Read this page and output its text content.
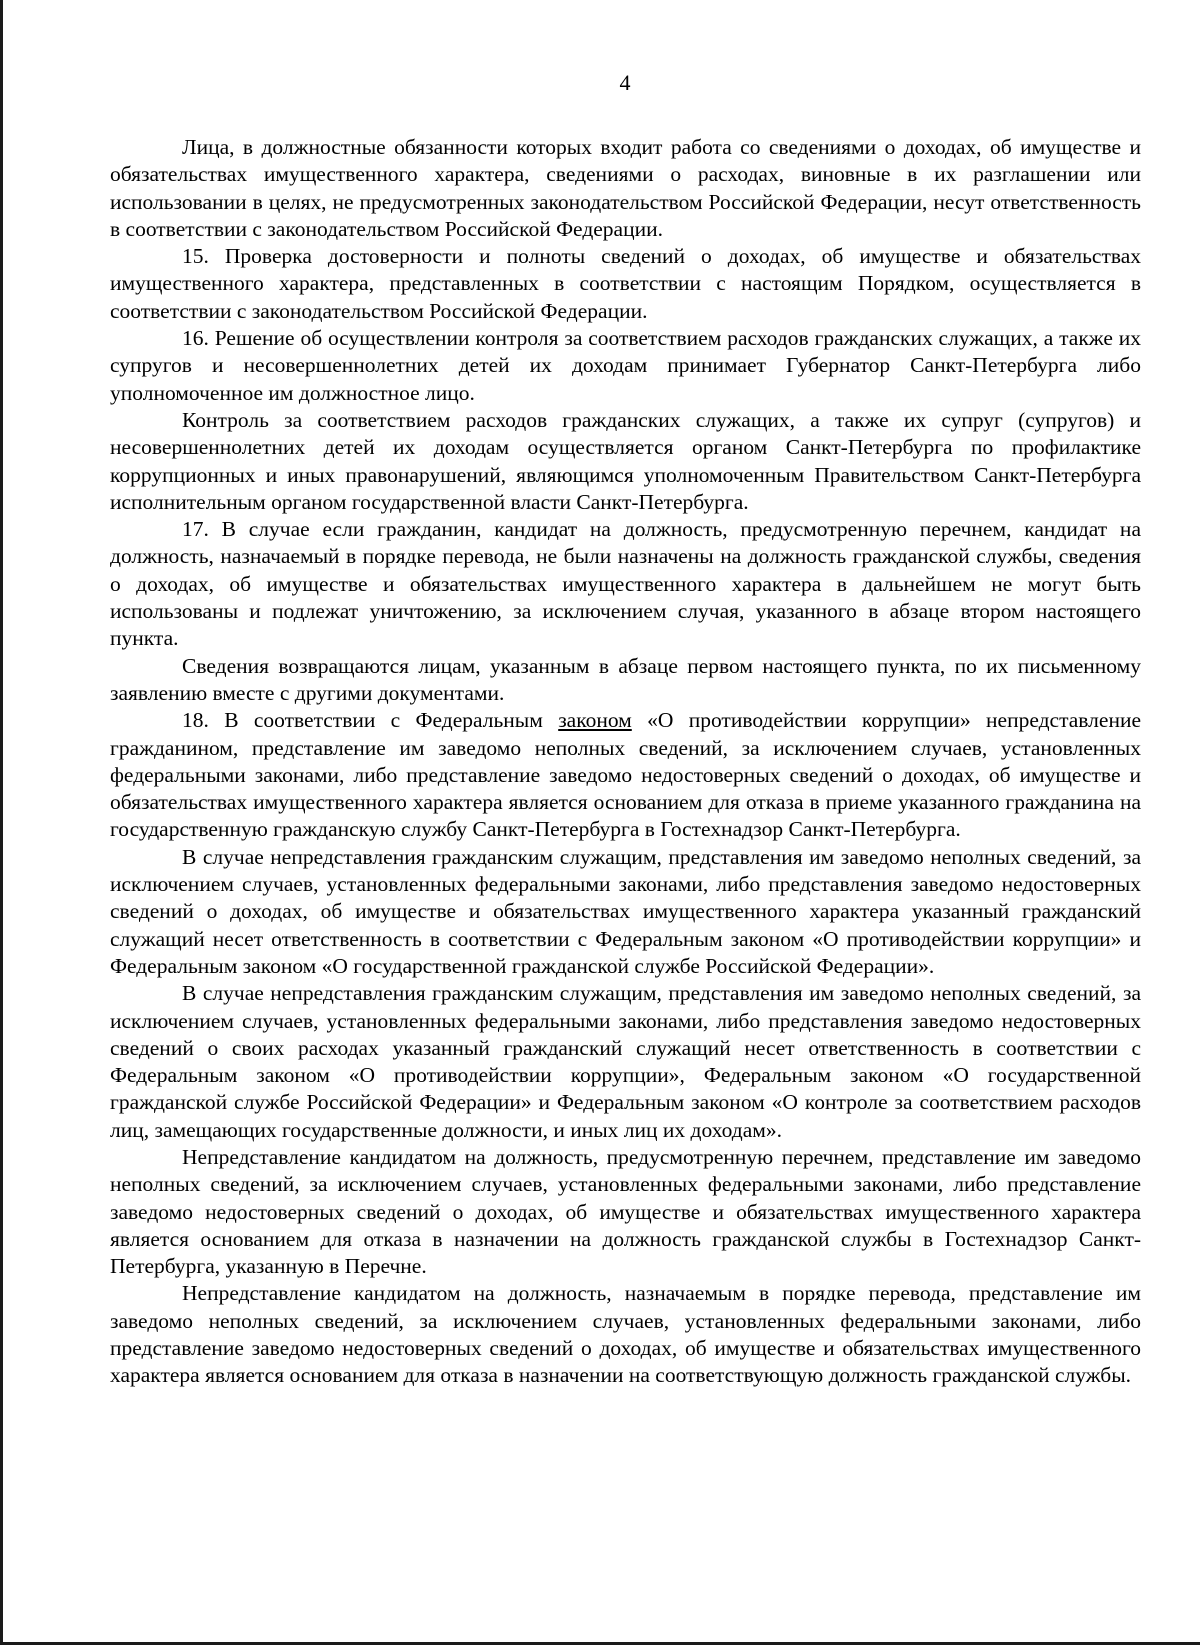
4

Лица, в должностные обязанности которых входит работа со сведениями о доходах, об имуществе и обязательствах имущественного характера, сведениями о расходах, виновные в их разглашении или использовании в целях, не предусмотренных законодательством Российской Федерации, несут ответственность в соответствии с законодательством Российской Федерации.

15. Проверка достоверности и полноты сведений о доходах, об имуществе и обязательствах имущественного характера, представленных в соответствии с настоящим Порядком, осуществляется в соответствии с законодательством Российской Федерации.

16. Решение об осуществлении контроля за соответствием расходов гражданских служащих, а также их супругов и несовершеннолетних детей их доходам принимает Губернатор Санкт-Петербурга либо уполномоченное им должностное лицо.

Контроль за соответствием расходов гражданских служащих, а также их супруг (супругов) и несовершеннолетних детей их доходам осуществляется органом Санкт-Петербурга по профилактике коррупционных и иных правонарушений, являющимся уполномоченным Правительством Санкт-Петербурга исполнительным органом государственной власти Санкт-Петербурга.

17. В случае если гражданин, кандидат на должность, предусмотренную перечнем, кандидат на должность, назначаемый в порядке перевода, не были назначены на должность гражданской службы, сведения о доходах, об имуществе и обязательствах имущественного характера в дальнейшем не могут быть использованы и подлежат уничтожению, за исключением случая, указанного в абзаце втором настоящего пункта.

Сведения возвращаются лицам, указанным в абзаце первом настоящего пункта, по их письменному заявлению вместе с другими документами.

18. В соответствии с Федеральным законом «О противодействии коррупции» непредставление гражданином, представление им заведомо неполных сведений, за исключением случаев, установленных федеральными законами, либо представление заведомо недостоверных сведений о доходах, об имуществе и обязательствах имущественного характера является основанием для отказа в приеме указанного гражданина на государственную гражданскую службу Санкт-Петербурга в Гостехнадзор Санкт-Петербурга.

В случае непредставления гражданским служащим, представления им заведомо неполных сведений, за исключением случаев, установленных федеральными законами, либо представления заведомо недостоверных сведений о доходах, об имуществе и обязательствах имущественного характера указанный гражданский служащий несет ответственность в соответствии с Федеральным законом «О противодействии коррупции» и Федеральным законом «О государственной гражданской службе Российской Федерации».

В случае непредставления гражданским служащим, представления им заведомо неполных сведений, за исключением случаев, установленных федеральными законами, либо представления заведомо недостоверных сведений о своих расходах указанный гражданский служащий несет ответственность в соответствии с Федеральным законом «О противодействии коррупции», Федеральным законом «О государственной гражданской службе Российской Федерации» и Федеральным законом «О контроле за соответствием расходов лиц, замещающих государственные должности, и иных лиц их доходам».

Непредставление кандидатом на должность, предусмотренную перечнем, представление им заведомо неполных сведений, за исключением случаев, установленных федеральными законами, либо представление заведомо недостоверных сведений о доходах, об имуществе и обязательствах имущественного характера является основанием для отказа в назначении на должность гражданской службы в Гостехнадзор Санкт-Петербурга, указанную в Перечне.

Непредставление кандидатом на должность, назначаемым в порядке перевода, представление им заведомо неполных сведений, за исключением случаев, установленных федеральными законами, либо представление заведомо недостоверных сведений о доходах, об имуществе и обязательствах имущественного характера является основанием для отказа в назначении на соответствующую должность гражданской службы.
